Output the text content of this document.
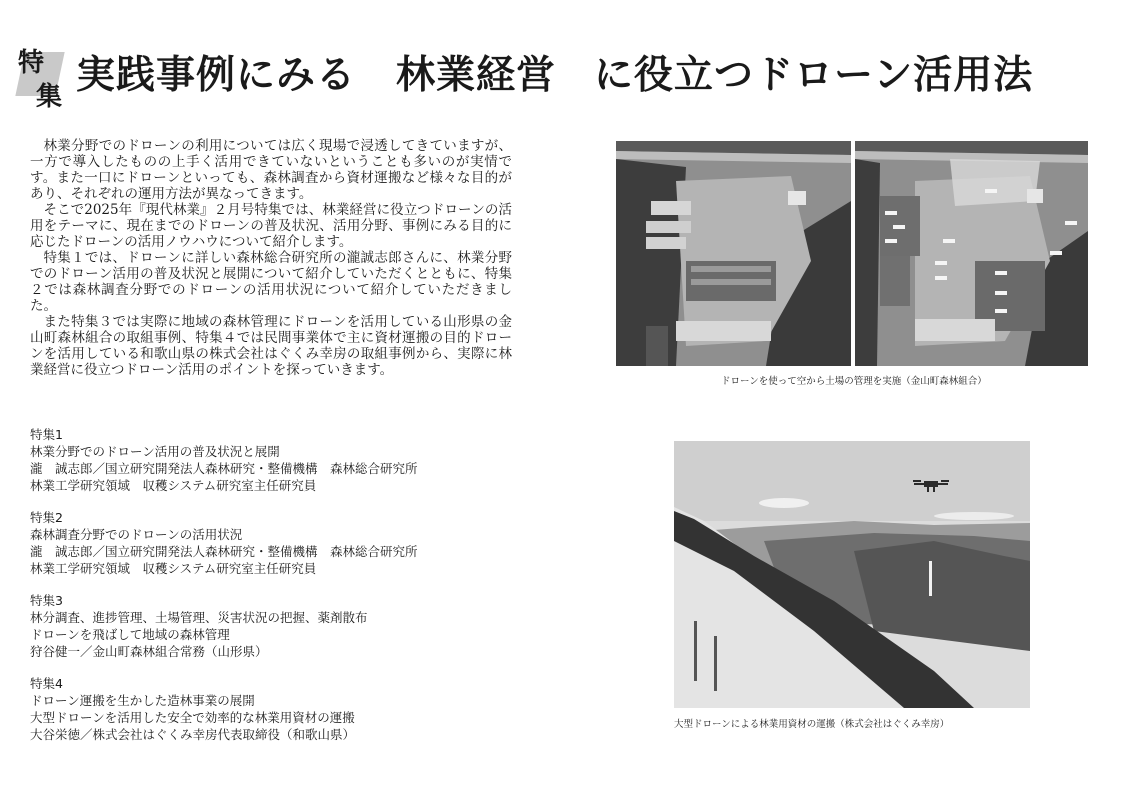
特
集 実践事例にみる　林業経営 に役立つドローン活用法

林業分野でのドローンの利用については広く現場で浸透してきていますが、一方で導入したものの上手く活用できていないということも多いのが実情です。また一口にドローンといっても、森林調査から資材運搬など様々な目的があり、それぞれの運用方法が異なってきます。

そこで2025年『現代林業』２月号特集では、林業経営に役立つドローンの活用をテーマに、現在までのドローンの普及状況、活用分野、事例にみる目的に応じたドローンの活用ノウハウについて紹介します。

特集１では、ドローンに詳しい森林総合研究所の瀧誠志郎さんに、林業分野でのドローン活用の普及状況と展開について紹介していただくとともに、特集２では森林調査分野でのドローンの活用状況について紹介していただきました。

また特集３では実際に地域の森林管理にドローンを活用している山形県の金山町森林組合の取組事例、特集４では民間事業体で主に資材運搬の目的ドローンを活用している和歌山県の株式会社はぐくみ幸房の取組事例から、実際に林業経営に役立つドローン活用のポイントを探っていきます。

特集1
林業分野でのドローン活用の普及状況と展開
瀧　誠志郎／国立研究開発法人森林研究・整備機構　森林総合研究所
林業工学研究領域　収穫システム研究室主任研究員
特集2
森林調査分野でのドローンの活用状況
瀧　誠志郎／国立研究開発法人森林研究・整備機構　森林総合研究所
林業工学研究領域　収穫システム研究室主任研究員
特集3
林分調査、進捗管理、土場管理、災害状況の把握、薬剤散布
ドローンを飛ばして地域の森林管理
狩谷健一／金山町森林組合常務（山形県）
特集4
ドローン運搬を生かした造林事業の展開
大型ドローンを活用した安全で効率的な林業用資材の運搬
大谷栄徳／株式会社はぐくみ幸房代表取締役（和歌山県）
ドローンを使って空から土場の管理を実施（金山町森林組合）
大型ドローンによる林業用資材の運搬（株式会社はぐくみ幸房）
